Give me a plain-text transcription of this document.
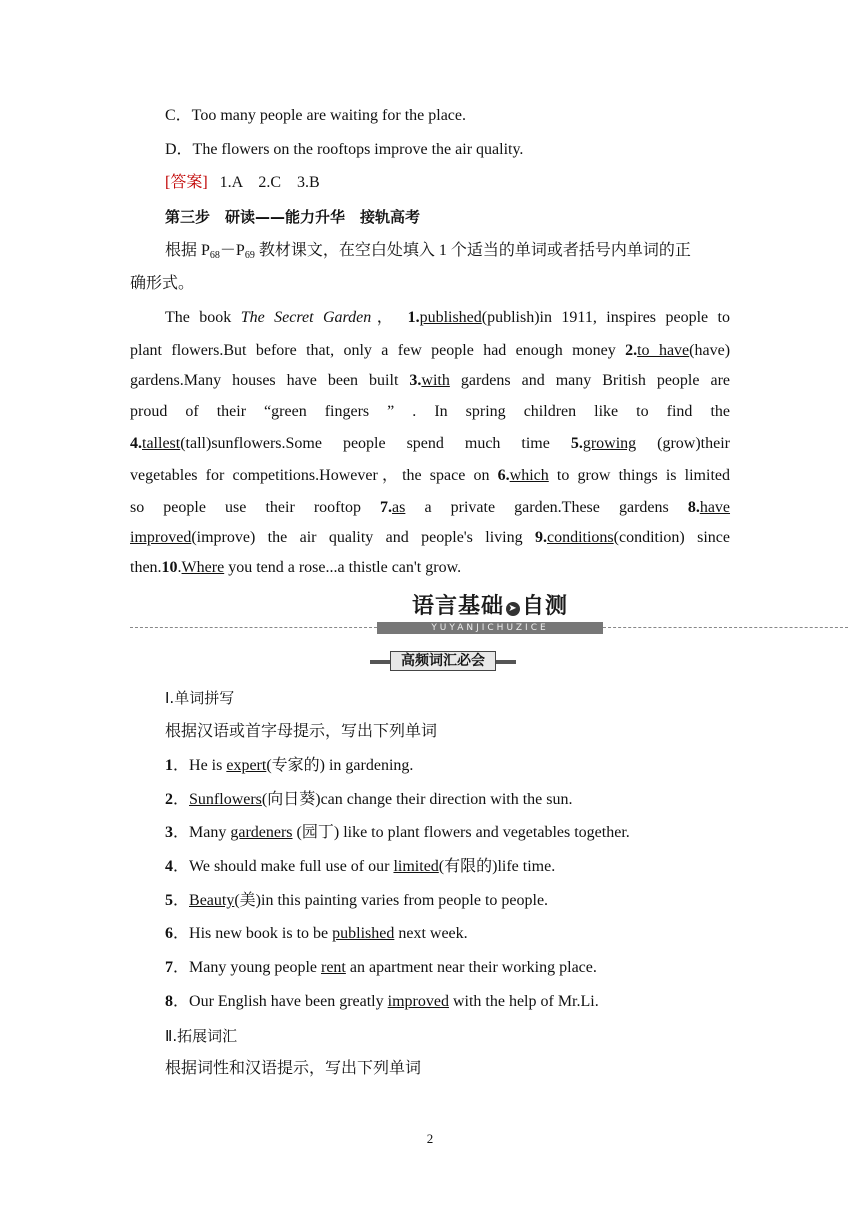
C．Too many people are waiting for the place.
D．The flowers on the rooftops improve the air quality.
[答案] 1.A　2.C　3.B
第三步　研读——能力升华　接轨高考
根据 $P_{68}-P_{69}$ 教材课文，在空白处填入 1 个适当的单词或者括号内单词的正
确形式。
The book The Secret Garden， 1.published(publish)in 1911, inspires people to
plant flowers.But before that, only a few people had enough money 2.to have(have)
gardens.Many houses have been built 3.with gardens and many British people are
proud of their “green fingers ” . In spring children like to find the
4.tallest(tall)sunflowers.Some people spend much time 5.growing (grow)their
vegetables for competitions.However，the space on 6.which to grow things is limited
so people use their rooftop 7.as a private garden.These gardens 8.have
improved(improve) the air quality and people's living 9.conditions(condition) since
then.10.Where you tend a rose...a thistle can't grow.
语言基础 ➤ 自测
YUYANJICHUZICE
高频词汇必会
Ⅰ.单词拼写
根据汉语或首字母提示，写出下列单词
1．He is expert(专家的) in gardening.
2．Sunflowers(向日葵)can change their direction with the sun.
3．Many gardeners (园丁) like to plant flowers and vegetables together.
4．We should make full use of our limited(有限的)life time.
5．Beauty(美)in this painting varies from people to people.
6．His new book is to be published next week.
7．Many young people rent an apartment near their working place.
8．Our English have been greatly improved with the help of Mr.Li.
Ⅱ.拓展词汇
根据词性和汉语提示，写出下列单词
2
